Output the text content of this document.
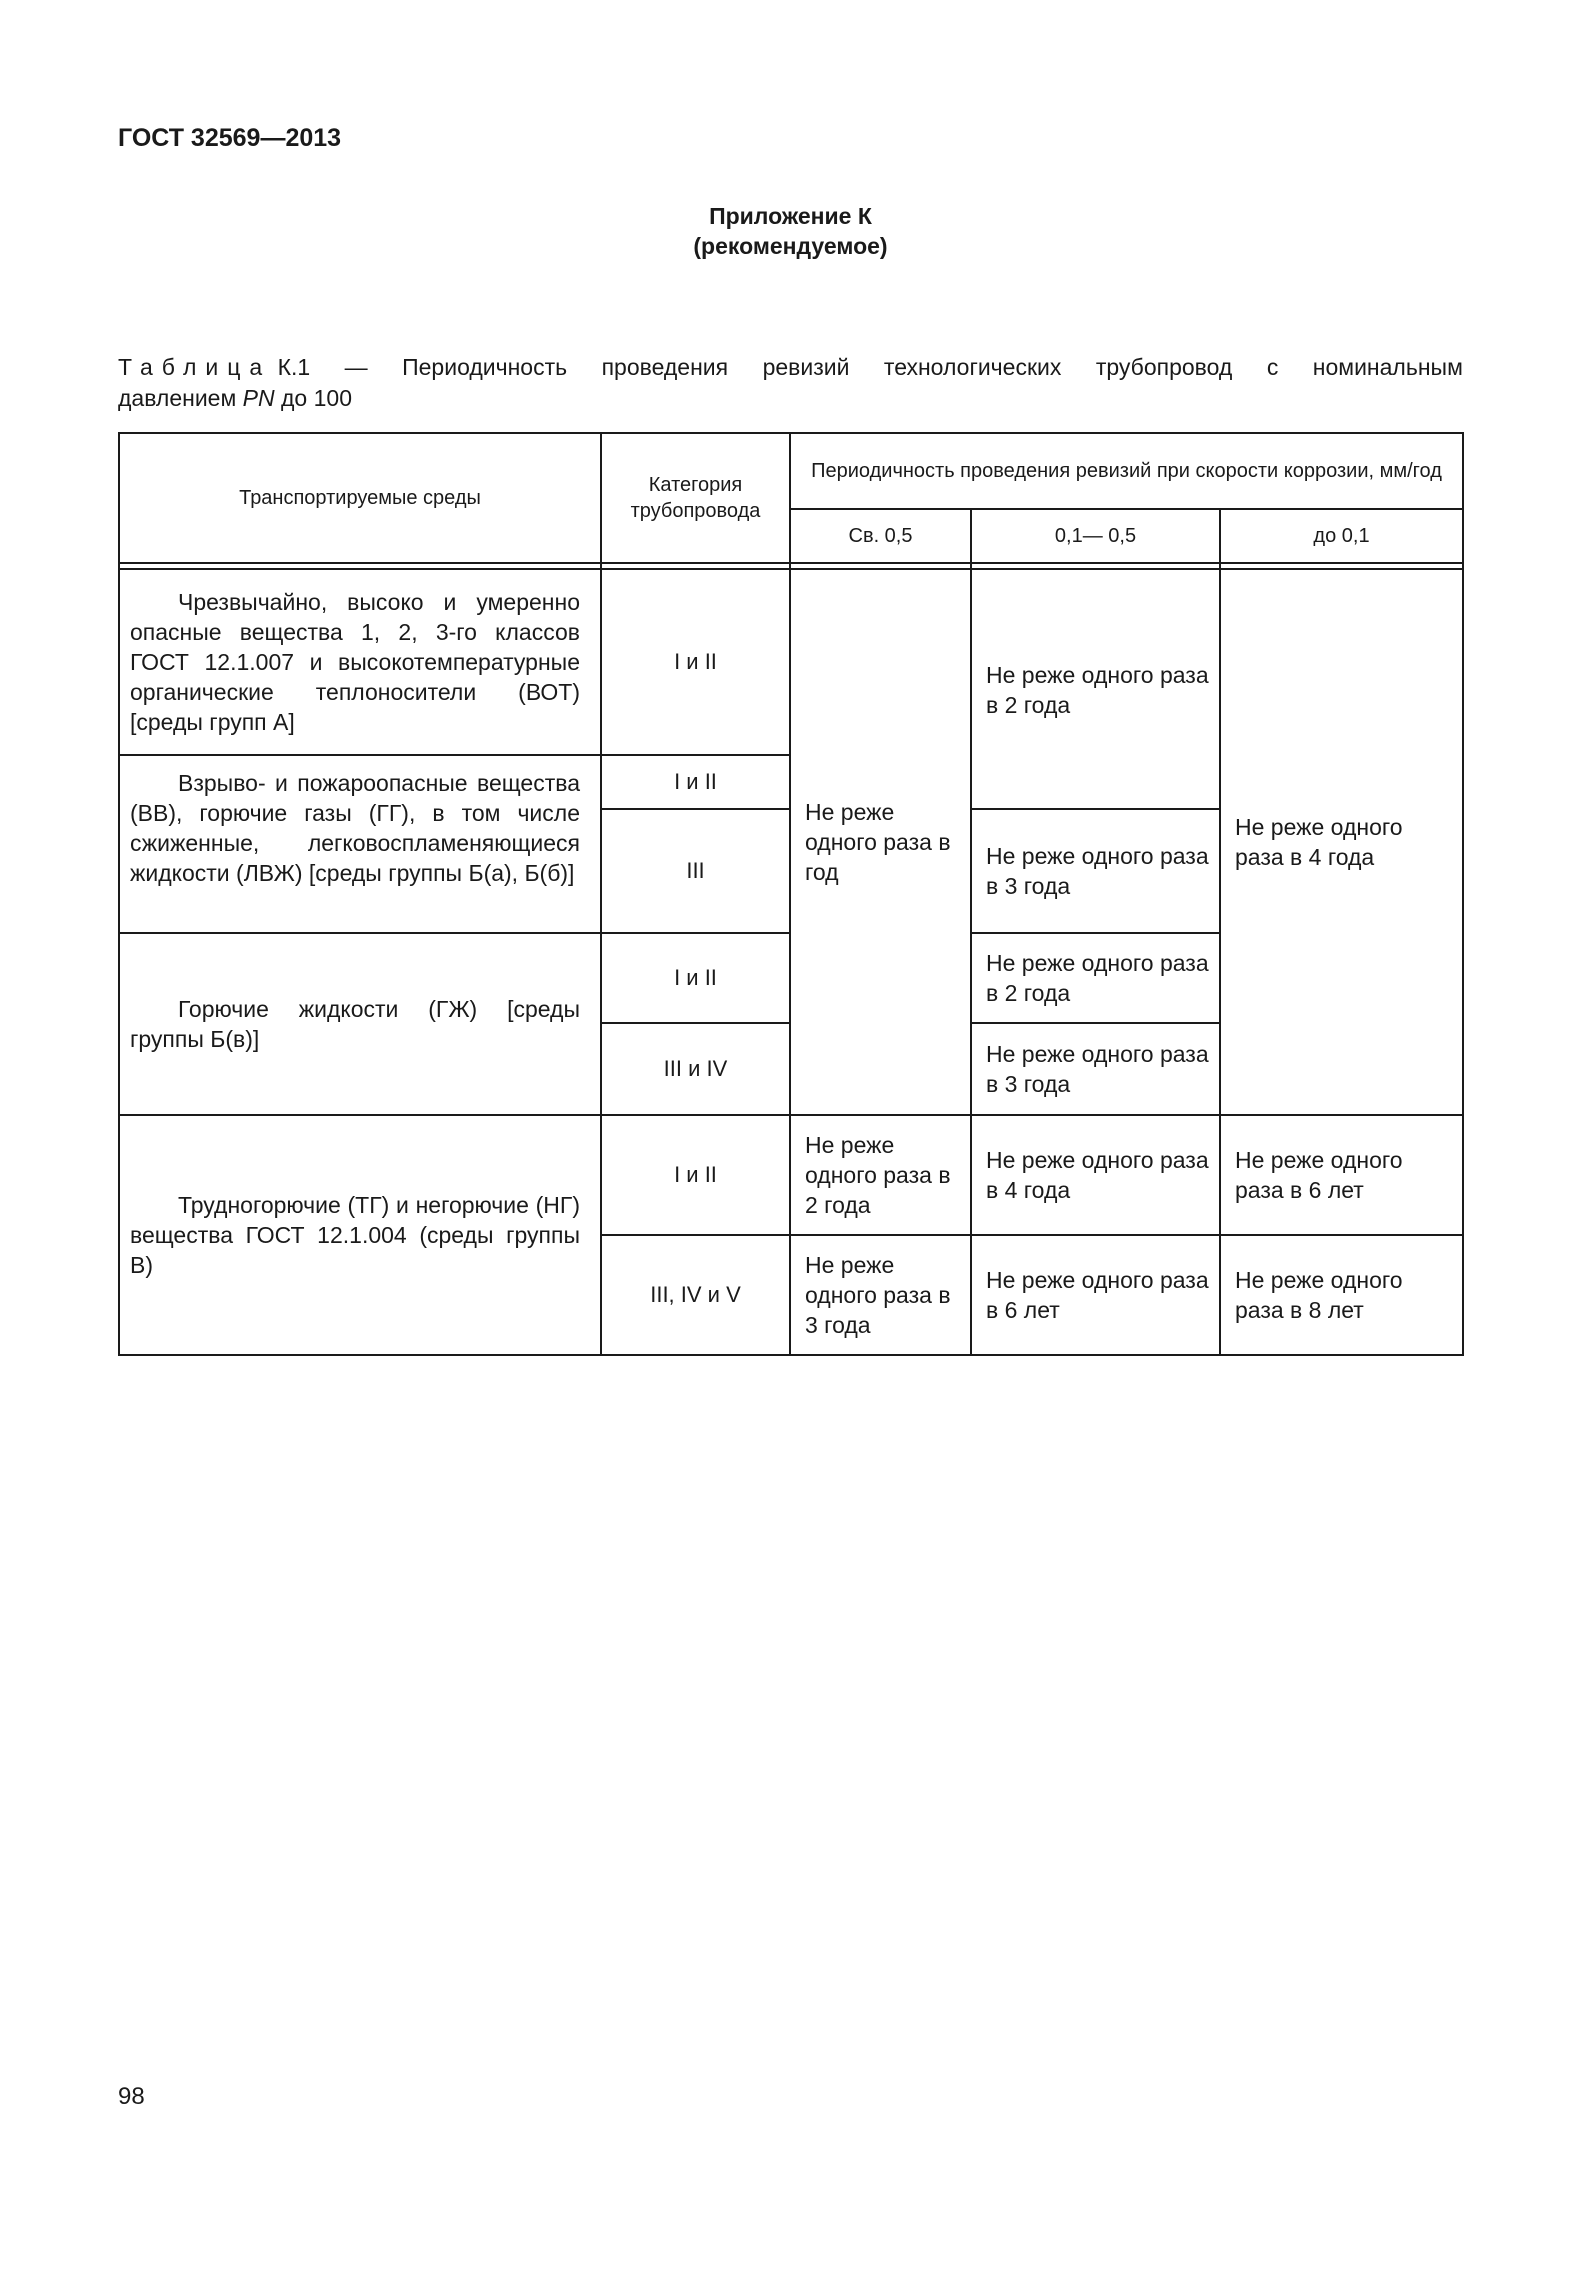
ГОСТ 32569—2013
Приложение К
(рекомендуемое)
Таблица К.1 — Периодичность проведения ревизий технологических трубопровод с номинальным
давлением PN до 100
Транспортируемые среды	Категория трубопровода	Периодичность проведения ревизий при скорости коррозии, мм/год		
		Св. 0,5	0,1— 0,5	до 0,1

Чрезвычайно, высоко и умеренно опасные вещества 1, 2, 3-го классов ГОСТ 12.1.007 и высокотемпературные органические теплоносители (ВОТ) [среды групп А]	I и II	Не реже одного раза в год	Не реже одного раза в 2 года	Не реже одного раза в 4 года
Взрыво- и пожароопасные вещества (ВВ), горючие газы (ГГ), в том числе сжиженные, легковоспламеняющиеся жидкости (ЛВЖ) [среды группы Б(а), Б(б)]	I и II			
	III		Не реже одного раза в 3 года	
Горючие жидкости (ГЖ) [среды группы Б(в)]	I и II		Не реже одного раза в 2 года	
	III и IV		Не реже одного раза в 3 года	
Трудногорючие (ТГ) и негорючие (НГ) вещества ГОСТ 12.1.004 (среды группы В)	I и II	Не реже одного раза в 2 года	Не реже одного раза в 4 года	Не реже одного раза в 6 лет
	III, IV и V	Не реже одного раза в 3 года	Не реже одного раза в 6 лет	Не реже одного раза в 8 лет
98
